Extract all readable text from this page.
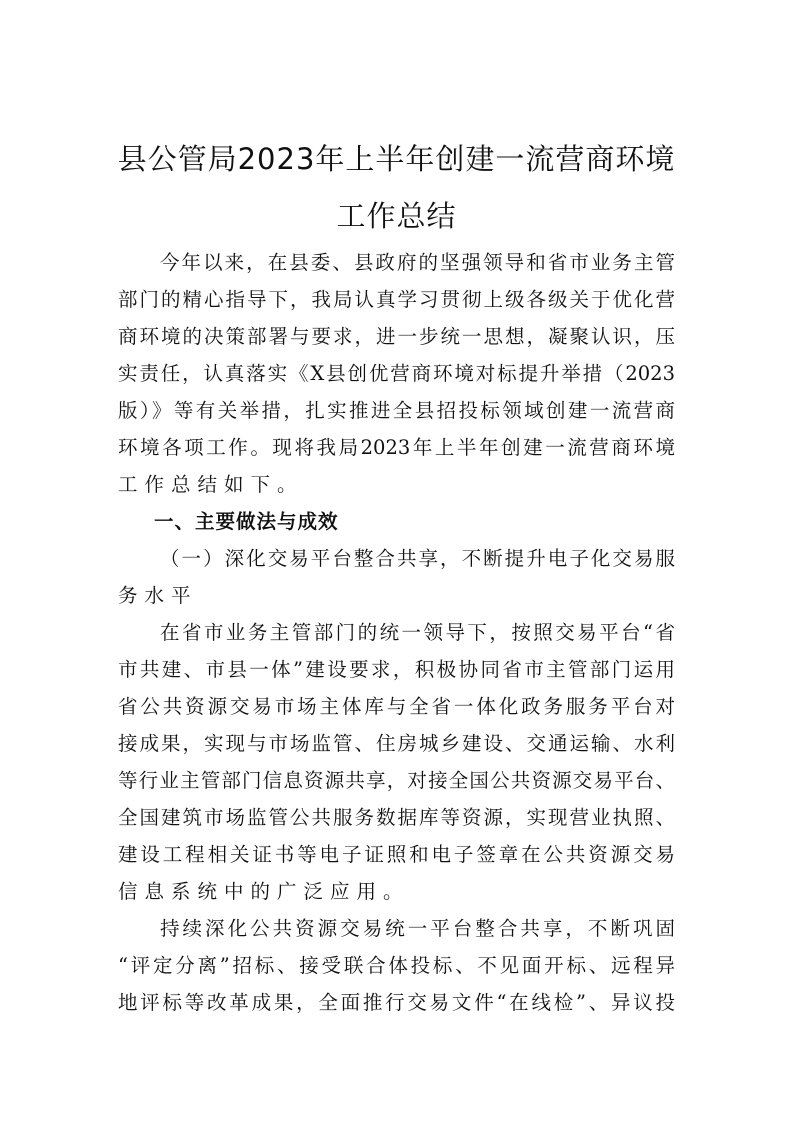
县公管局2023年上半年创建一流营商环境
工作总结
今年以来，在县委、县政府的坚强领导和省市业务主管
部门的精心指导下，我局认真学习贯彻上级各级关于优化营
商环境的决策部署与要求，进一步统一思想，凝聚认识，压
实责任，认真落实《X县创优营商环境对标提升举措（2023
版）》等有关举措，扎实推进全县招投标领域创建一流营商
环境各项工作。现将我局2023年上半年创建一流营商环境
工作总结如下。
一、主要做法与成效
（一）深化交易平台整合共享，不断提升电子化交易服
务水平
在省市业务主管部门的统一领导下，按照交易平台“省
市共建、市县一体”建设要求，积极协同省市主管部门运用
省公共资源交易市场主体库与全省一体化政务服务平台对
接成果，实现与市场监管、住房城乡建设、交通运输、水利
等行业主管部门信息资源共享，对接全国公共资源交易平台、
全国建筑市场监管公共服务数据库等资源，实现营业执照、
建设工程相关证书等电子证照和电子签章在公共资源交易
信息系统中的广泛应用。
持续深化公共资源交易统一平台整合共享，不断巩固
“评定分离”招标、接受联合体投标、不见面开标、远程异
地评标等改革成果，全面推行交易文件“在线检”、异议投
